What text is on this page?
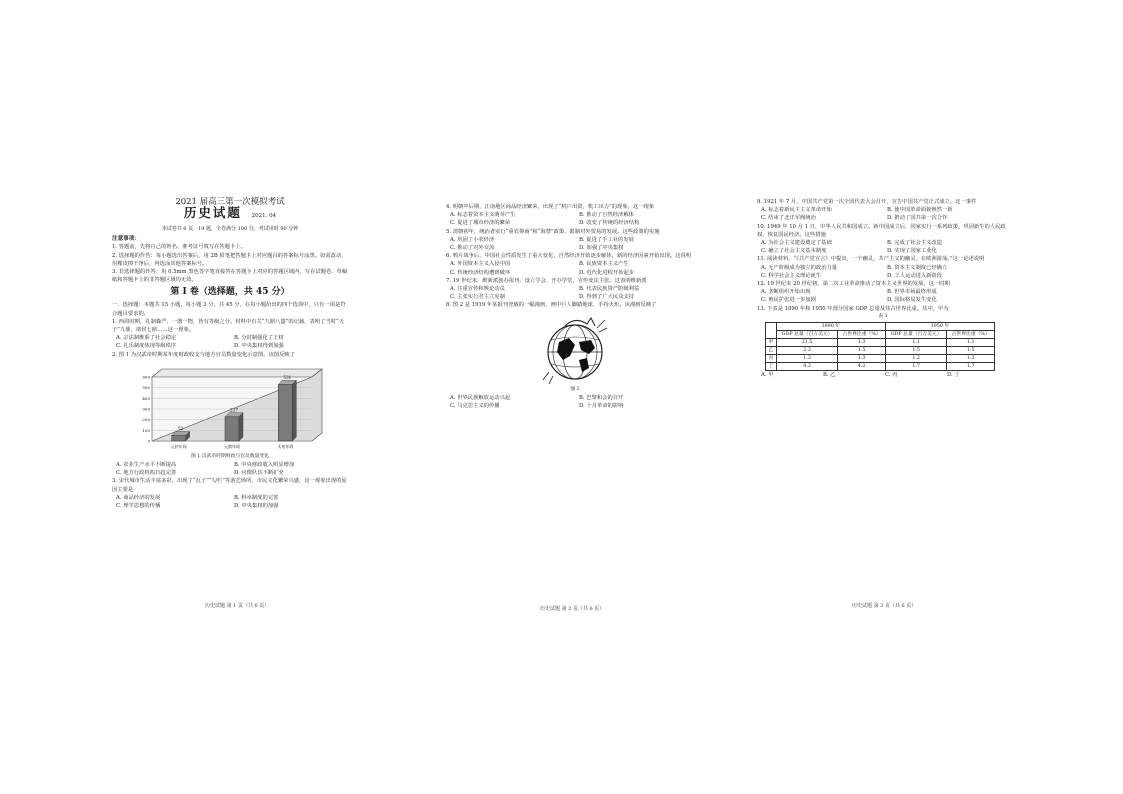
2021 届高三第一次模拟考试
历史试题 2021. 04
本试卷共 6 页，19 题，全卷满分 100 分，考试用时 90 分钟
注意事项：

1. 答题前，先将自己的姓名、准考证号填写在答题卡上。

2. 选择题的作答：每小题选出答案后，用 2B 铅笔把答题卡上对应题目的答案标号涂黑。如需改动，用橡皮擦干净后，再选涂其他答案标号。

3. 非选择题的作答：用 0.5mm 黑色签字笔直接答在答题卡上对应的答题区域内，写在试题卷、草稿纸和答题卡上的非答题区域均无效。

第 I 卷（选择题，共 45 分）

一、选择题：本题共 15 小题，每小题 3 分，共 45 分。在每小题给出的四个选项中，只有一项是符合题目要求的。

1. 西周时期，礼制森严，一器一物，皆有等级之分。材料中有关“九鼎八簋”的记载，表明了当时“天子”九鼎，诸侯七鼎……这一现象。

A. 宗法制维系了社会稳定	B. 分封制强化了王权
C. 礼乐制度体现等级秩序	D. 中央集权得到加强

2. 图 1 为汉武帝时期某年度财政收支与地方官员数量变化示意图。该图反映了

0
100
200
300
400
500
600
52
227
531
元狩年间	元鼎年间	太初年间
图 1 汉武帝时期财政与官员数量变化
A. 农业生产水平不断提高	B. 中央财政收入明显增加
C. 地方行政机构日趋完善	D. 官僚队伍不断扩充

3. 宋代城市生活丰富多彩，出现了“瓦子”“勾栏”等游艺场所，市民文化繁荣兴盛，这一现象出现的原因主要是

A. 商品经济的发展	B. 科举制度的完善
C. 理学思想的传播	D. 中央集权的加强
历史试题 第 1 页（共 6 页）

4. 明朝中后期，江南地区商品经济繁荣，出现了“机户出资，机工出力”的现象，这一现象

A. 标志着资本主义萌芽产生	B. 推动了自然经济解体
C. 促进了城市经济的繁荣	D. 改变了传统的经济结构

5. 清朝初年，统治者实行“重农抑商”和“海禁”政策，限制对外贸易的发展。这些政策的实施

A. 巩固了小农经济	B. 促进了手工业的发展
C. 推动了对外交流	D. 加强了中央集权

6. 鸦片战争后，中国社会性质发生了重大变化，自然经济开始逐步解体，新的经济因素开始出现。这说明

A. 外国资本主义入侵中国	B. 民族资本主义产生
C. 传统经济结构遭到破坏	D. 近代化进程开始起步

7. 19 世纪末，维新派创办报刊、设立学会、开办学堂，宣传变法主张。这表明维新派

A. 注重宣传和舆论动员	B. 代表民族资产阶级利益
C. 主张实行君主立宪制	D. 得到了广大民众支持

8. 图 2 是 1919 年某报刊登载的一幅漫画，画中巨人脚踏地球，手持火炬。该漫画反映了

图 2
A. 世界民族解放运动兴起	B. 巴黎和会的召开
C. 马克思主义的传播	D. 十月革命的影响
历史试题 第 2 页（共 6 页）

9. 1921 年 7 月，中国共产党第一次全国代表大会召开，宣告中国共产党正式成立。这一事件

A. 标志着新民主主义革命开始	B. 使中国革命面貌焕然一新
C. 结束了北洋军阀统治	D. 推动了国共第一次合作

10. 1949 年 10 月 1 日，中华人民共和国成立。新中国成立后，国家实行一系列政策，巩固新生的人民政权，恢复国民经济。这些措施

A. 为社会主义建设奠定了基础	B. 完成了社会主义改造
C. 确立了社会主义基本制度	D. 实现了国家工业化

11. 阅读材料，“《共产党宣言》中提出，一个幽灵，共产主义的幽灵，在欧洲游荡。”这一论述说明

A. 无产阶级成为独立的政治力量	B. 资本主义制度已经确立
C. 科学社会主义理论诞生	D. 工人运动进入新阶段

12. 19 世纪末 20 世纪初，第二次工业革命推动了资本主义世界的发展，这一时期

A. 垄断组织开始出现	B. 世界市场最终形成
C. 殖民扩张进一步加剧	D. 国际格局发生变化

13. 下表是 1890 年和 1950 年部分国家 GDP 总量及其占世界比重。其中，甲为

表 1
	1890 年		1950 年	
	GDP 总量（百万美元）	占世界比重（%）	GDP 总量（百万美元）	占世界比重（%）
甲	21.5	1.3	1.1	1.1
乙	2.2	1.5	1.5	1.5
丙	1.3	1.3	1.2	1.2
丁	4.2	4.2	1.7	1.7
A. 甲	B. 乙	C. 丙	D. 丁
历史试题 第 3 页（共 6 页）
